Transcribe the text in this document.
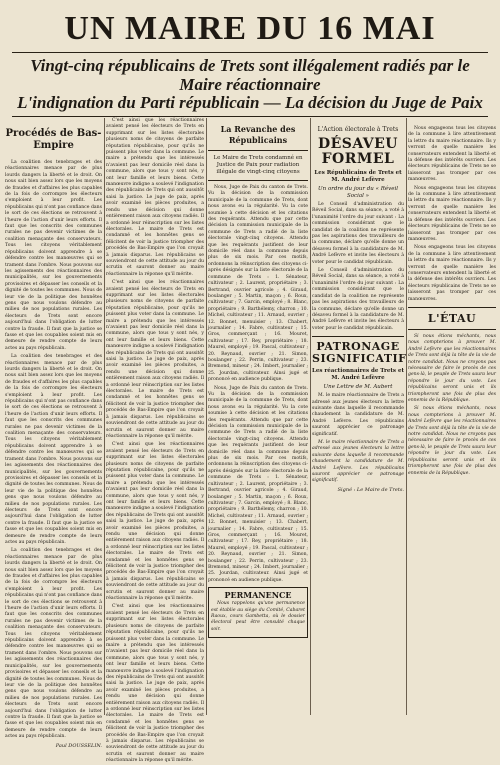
UN MAIRE DU 16 MAI
Vingt-cinq républicains de Trets sont illégalement radiés par le Maire réactionnaire
L'indignation du Parti républicain — La décision du Juge de Paix
Procédés de Bas-Empire

La coalition des tenebrages et des réactionnaires menace par de plus lourds dangers la liberté et le droit. On nous sait bien assez lors que les moyens de fraudes et d'affaires les plus capables de la fois de corrompre les électeurs s'emploient à leur profit. Les républicains qui n'ont pas confiance dans le sort de ces élections se retrouvent à l'heure de l'action d'unir leurs efforts. Il faut que les conscrits des communes rurales ne pas devenir victimes de la coalition menaçante des conservateurs. Tous les citoyens véritablement républicains doivent apprendre à se défendre contre les manœuvres qui se trament dans l'ombre. Nous pouvons sur les agissements des réactionnaires des municipalités, sur les gouvernements provisoires et dépasser les conseils et la dignité de toutes les communes. Nous de leur vie de la politique des honnêtes gens que nous voulons défendre au milieu de nos populations rurales. Les électeurs de Trets sont encore aujourd'hui dans l'obligation de lutter contre la fraude. Il faut que la justice se fasse et que les coupables soient mis en demeure de rendre compte de leurs actes au pays républicain.

La coalition des tenebrages et des réactionnaires menace par de plus lourds dangers la liberté et le droit. On nous sait bien assez lors que les moyens de fraudes et d'affaires les plus capables de la fois de corrompre les électeurs s'emploient à leur profit. Les républicains qui n'ont pas confiance dans le sort de ces élections se retrouvent à l'heure de l'action d'unir leurs efforts. Il faut que les conscrits des communes rurales ne pas devenir victimes de la coalition menaçante des conservateurs. Tous les citoyens véritablement républicains doivent apprendre à se défendre contre les manœuvres qui se trament dans l'ombre. Nous pouvons sur les agissements des réactionnaires des municipalités, sur les gouvernements provisoires et dépasser les conseils et la dignité de toutes les communes. Nous de leur vie de la politique des honnêtes gens que nous voulons défendre au milieu de nos populations rurales. Les électeurs de Trets sont encore aujourd'hui dans l'obligation de lutter contre la fraude. Il faut que la justice se fasse et que les coupables soient mis en demeure de rendre compte de leurs actes au pays républicain.

La coalition des tenebrages et des réactionnaires menace par de plus lourds dangers la liberté et le droit. On nous sait bien assez lors que les moyens de fraudes et d'affaires les plus capables de la fois de corrompre les électeurs s'emploient à leur profit. Les républicains qui n'ont pas confiance dans le sort de ces élections se retrouvent à l'heure de l'action d'unir leurs efforts. Il faut que les conscrits des communes rurales ne pas devenir victimes de la coalition menaçante des conservateurs. Tous les citoyens véritablement républicains doivent apprendre à se défendre contre les manœuvres qui se trament dans l'ombre. Nous pouvons sur les agissements des réactionnaires des municipalités, sur les gouvernements provisoires et dépasser les conseils et la dignité de toutes les communes. Nous de leur vie de la politique des honnêtes gens que nous voulons défendre au milieu de nos populations rurales. Les électeurs de Trets sont encore aujourd'hui dans l'obligation de lutter contre la fraude. Il faut que la justice se fasse et que les coupables soient mis en demeure de rendre compte de leurs actes au pays républicain.

Paul DOUSSELIN.

C'est ainsi que les réactionnaires avaient pensé les électeurs de Trets en supprimant sur les listes électorales plusieurs noms de citoyens de parfaite réputation républicaine, pour qu'ils ne puissent plus voter dans la commune. Le maire a prétendu que les intéressés n'avaient pas leur domicile réel dans la commune, alors que tous y sont nés, y ont leur famille et leurs biens. Cette manœuvre indigne a soulevé l'indignation des républicains de Trets qui ont aussitôt saisi la justice. Le juge de paix, après avoir examiné les pièces produites, a rendu une décision qui donne entièrement raison aux citoyens radiés. Il a ordonné leur réinscription sur les listes électorales. Le maire de Trets est condamné et les honnêtes gens se félicitent de voir la justice triompher des procédés de Bas-Empire que l'on croyait à jamais disparus. Les républicains se souviendront de cette attitude au jour du scrutin et sauront donner au maire réactionnaire la réponse qu'il mérite.

C'est ainsi que les réactionnaires avaient pensé les électeurs de Trets en supprimant sur les listes électorales plusieurs noms de citoyens de parfaite réputation républicaine, pour qu'ils ne puissent plus voter dans la commune. Le maire a prétendu que les intéressés n'avaient pas leur domicile réel dans la commune, alors que tous y sont nés, y ont leur famille et leurs biens. Cette manœuvre indigne a soulevé l'indignation des républicains de Trets qui ont aussitôt saisi la justice. Le juge de paix, après avoir examiné les pièces produites, a rendu une décision qui donne entièrement raison aux citoyens radiés. Il a ordonné leur réinscription sur les listes électorales. Le maire de Trets est condamné et les honnêtes gens se félicitent de voir la justice triompher des procédés de Bas-Empire que l'on croyait à jamais disparus. Les républicains se souviendront de cette attitude au jour du scrutin et sauront donner au maire réactionnaire la réponse qu'il mérite.

C'est ainsi que les réactionnaires avaient pensé les électeurs de Trets en supprimant sur les listes électorales plusieurs noms de citoyens de parfaite réputation républicaine, pour qu'ils ne puissent plus voter dans la commune. Le maire a prétendu que les intéressés n'avaient pas leur domicile réel dans la commune, alors que tous y sont nés, y ont leur famille et leurs biens. Cette manœuvre indigne a soulevé l'indignation des républicains de Trets qui ont aussitôt saisi la justice. Le juge de paix, après avoir examiné les pièces produites, a rendu une décision qui donne entièrement raison aux citoyens radiés. Il a ordonné leur réinscription sur les listes électorales. Le maire de Trets est condamné et les honnêtes gens se félicitent de voir la justice triompher des procédés de Bas-Empire que l'on croyait à jamais disparus. Les républicains se souviendront de cette attitude au jour du scrutin et sauront donner au maire réactionnaire la réponse qu'il mérite.

C'est ainsi que les réactionnaires avaient pensé les électeurs de Trets en supprimant sur les listes électorales plusieurs noms de citoyens de parfaite réputation républicaine, pour qu'ils ne puissent plus voter dans la commune. Le maire a prétendu que les intéressés n'avaient pas leur domicile réel dans la commune, alors que tous y sont nés, y ont leur famille et leurs biens. Cette manœuvre indigne a soulevé l'indignation des républicains de Trets qui ont aussitôt saisi la justice. Le juge de paix, après avoir examiné les pièces produites, a rendu une décision qui donne entièrement raison aux citoyens radiés. Il a ordonné leur réinscription sur les listes électorales. Le maire de Trets est condamné et les honnêtes gens se félicitent de voir la justice triompher des procédés de Bas-Empire que l'on croyait à jamais disparus. Les républicains se souviendront de cette attitude au jour du scrutin et sauront donner au maire réactionnaire la réponse qu'il mérite.

La Revanche des Républicains
Le Maire de Trets condamné en Justice de Paix pour radiation illégale de vingt-cinq citoyens

Nous, Juge de Paix du canton de Trets. Vu la décision de la commission municipale de la commune de Trets, dont nous avons eu la régularité. Vu la cote soumise à cette décision et les citations des requérants. Attendu que par cette décision la commission municipale de la commune de Trets a radié de la liste électorale vingt-cinq citoyens. Attendu que les requérants justifient de leur domicile réel dans la commune depuis plus de six mois. Par ces motifs, ordonnons la réinscription des citoyens ci-après désignés sur la liste électorale de la commune de Trets : 1. Sénateur, cultivateur ; 2. Laurent, propriétaire ; 3. Bertrand, ouvrier agricole ; 4. Giraud, boulanger ; 5. Martin, maçon ; 6. Roux, cultivateur ; 7. Garcin, employé ; 8. Blanc, propriétaire ; 9. Barthélemy, charron ; 10. Michel, cultivateur ; 11. Arnaud, ouvrier ; 12. Bonnet, menuisier ; 13. Chabert, journalier ; 14. Fabre, cultivateur ; 15. Gros, commerçant ; 16. Mouret, cultivateur ; 17. Rey, propriétaire ; 18. Maurel, employé ; 19. Pascal, cultivateur ; 20. Reynaud, ouvrier ; 21. Simon, boulanger ; 22. Perrin, cultivateur ; 23. Bremond, mineur ; 24. Imbert, journalier ; 25. Jourdan, cultivateur. Ainsi jugé et prononcé en audience publique.

Nous, Juge de Paix du canton de Trets. Vu la décision de la commission municipale de la commune de Trets, dont nous avons eu la régularité. Vu la cote soumise à cette décision et les citations des requérants. Attendu que par cette décision la commission municipale de la commune de Trets a radié de la liste électorale vingt-cinq citoyens. Attendu que les requérants justifient de leur domicile réel dans la commune depuis plus de six mois. Par ces motifs, ordonnons la réinscription des citoyens ci-après désignés sur la liste électorale de la commune de Trets : 1. Sénateur, cultivateur ; 2. Laurent, propriétaire ; 3. Bertrand, ouvrier agricole ; 4. Giraud, boulanger ; 5. Martin, maçon ; 6. Roux, cultivateur ; 7. Garcin, employé ; 8. Blanc, propriétaire ; 9. Barthélemy, charron ; 10. Michel, cultivateur ; 11. Arnaud, ouvrier ; 12. Bonnet, menuisier ; 13. Chabert, journalier ; 14. Fabre, cultivateur ; 15. Gros, commerçant ; 16. Mouret, cultivateur ; 17. Rey, propriétaire ; 18. Maurel, employé ; 19. Pascal, cultivateur ; 20. Reynaud, ouvrier ; 21. Simon, boulanger ; 22. Perrin, cultivateur ; 23. Bremond, mineur ; 24. Imbert, journalier ; 25. Jourdan, cultivateur. Ainsi jugé et prononcé en audience publique.

PERMANENCE

Nous rappelons qu'une permanence est établie au siège du Comité, Cabaret Raoux, cours Gambetta, où le dossier électoral peut être consulté chaque soir.

L'Action électorale à Trets
DÉSAVEU FORMEL
Les Républicains de Trets et M. André Lefèvre
Un ordre du jour du « Réveil Social »

Le Conseil d'administration du Réveil Social, dans sa séance, a voté à l'unanimité l'ordre du jour suivant : La commission considérant que le candidat de la coalition ne représente pas les aspirations des travailleurs de la commune, déclare qu'elle donne un désaveu formel à la candidature de M. André Lefèvre et invite les électeurs à voter pour le candidat républicain.

Le Conseil d'administration du Réveil Social, dans sa séance, a voté à l'unanimité l'ordre du jour suivant : La commission considérant que le candidat de la coalition ne représente pas les aspirations des travailleurs de la commune, déclare qu'elle donne un désaveu formel à la candidature de M. André Lefèvre et invite les électeurs à voter pour le candidat républicain.

PATRONAGE SIGNIFICATIF
Les réactionnaires de Trets et M. André Lefèvre
Une Lettre de M. Aubert

M. le maire réactionnaire de Trets a adressé aux jeunes électeurs la lettre suivante dans laquelle il recommande chaudement la candidature de M. André Lefèvre. Les républicains sauront apprécier ce patronage significatif.

M. le maire réactionnaire de Trets a adressé aux jeunes électeurs la lettre suivante dans laquelle il recommande chaudement la candidature de M. André Lefèvre. Les républicains sauront apprécier ce patronage significatif.

Signé : Le Maire de Trets.

Nous engageons tous les citoyens de la commune à lire attentivement la lettre du maire réactionnaire. Ils y verront de quelle manière les conservateurs entendent la liberté et la défense des intérêts ouvriers. Les électeurs républicains de Trets ne se laisseront pas tromper par ces manœuvres.

Nous engageons tous les citoyens de la commune à lire attentivement la lettre du maire réactionnaire. Ils y verront de quelle manière les conservateurs entendent la liberté et la défense des intérêts ouvriers. Les électeurs républicains de Trets ne se laisseront pas tromper par ces manœuvres.

Nous engageons tous les citoyens de la commune à lire attentivement la lettre du maire réactionnaire. Ils y verront de quelle manière les conservateurs entendent la liberté et la défense des intérêts ouvriers. Les électeurs républicains de Trets ne se laisseront pas tromper par ces manœuvres.

L'ÉTAU

Si nous étions méchants, nous nous compterions à prouver M. André Lefèvre que les réactionnaires de Trets sont déjà la tête de la vie de notre candidat. Nous ne croyons pas nécessaire de faire le procès de ces gens-là, le peuple de Trets saura leur répondre le jour du vote. Les républicains seront unis et ils triompheront une fois de plus des ennemis de la République.

Si nous étions méchants, nous nous compterions à prouver M. André Lefèvre que les réactionnaires de Trets sont déjà la tête de la vie de notre candidat. Nous ne croyons pas nécessaire de faire le procès de ces gens-là, le peuple de Trets saura leur répondre le jour du vote. Les républicains seront unis et ils triompheront une fois de plus des ennemis de la République.
